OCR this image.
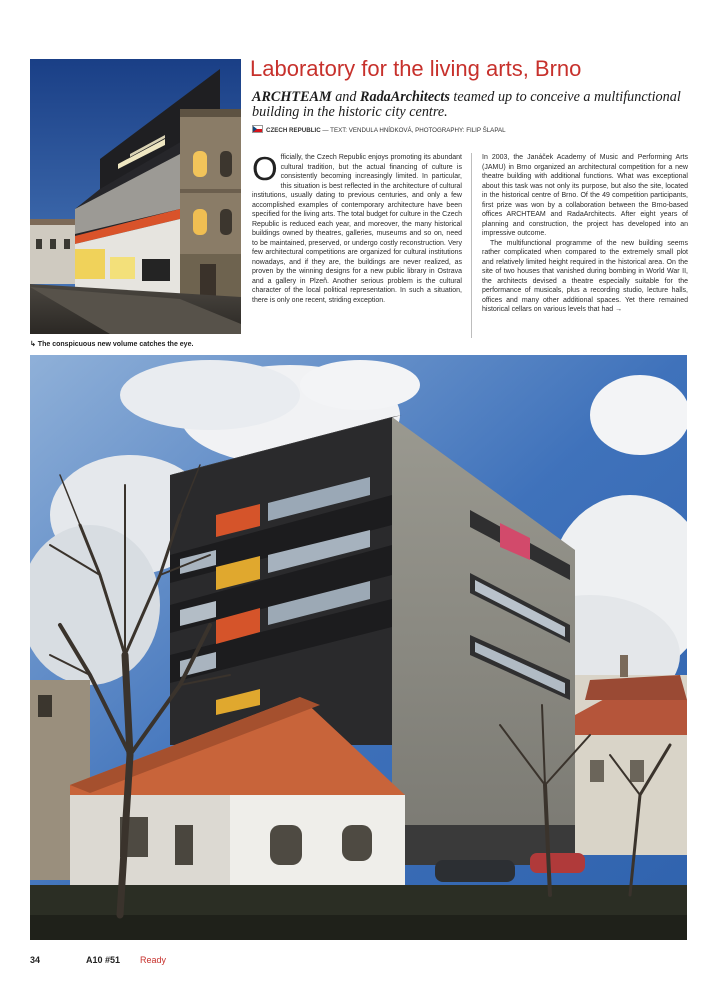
↳ The conspicuous new volume catches the eye.
Laboratory for the living arts, Brno
ARCHTEAM and RadaArchitects teamed up to conceive a multifunctional building in the historic city centre.
CZECH REPUBLIC — TEXT: VENDULA HNÍDKOVÁ, PHOTOGRAPHY: FILIP ŠLAPAL

Officially, the Czech Republic enjoys promoting its abundant cultural tradition, but the actual financing of culture is consistently becoming increasingly limited. In particular, this situation is best reflected in the architecture of cultural institutions, usually dating to previous centuries, and only a few accomplished examples of contemporary architecture have been specified for the living arts. The total budget for culture in the Czech Republic is reduced each year, and moreover, the many historical buildings owned by theatres, galleries, museums and so on, need to be maintained, preserved, or undergo costly reconstruction. Very few architectural competitions are organized for cultural institutions nowadays, and if they are, the buildings are never realized, as proven by the winning designs for a new public library in Ostrava and a gallery in Plzeň. Another serious problem is the cultural character of the local political representation. In such a situation, there is only one recent, striding exception.

In 2003, the Janáček Academy of Music and Performing Arts (JAMU) in Brno organized an architectural competition for a new theatre building with additional functions. What was exceptional about this task was not only its purpose, but also the site, located in the historical centre of Brno. Of the 49 competition participants, first prize was won by a collaboration between the Brno-based offices ARCHTEAM and RadaArchitects. After eight years of planning and construction, the project has developed into an impressive outcome.

The multifunctional programme of the new building seems rather complicated when compared to the extremely small plot and relatively limited height required in the historical area. On the site of two houses that vanished during bombing in World War II, the architects devised a theatre especially suitable for the performance of musicals, plus a recording studio, lecture halls, offices and many other additional spaces. Yet there remained historical cellars on various levels that had →

34	A10 #51 Ready
